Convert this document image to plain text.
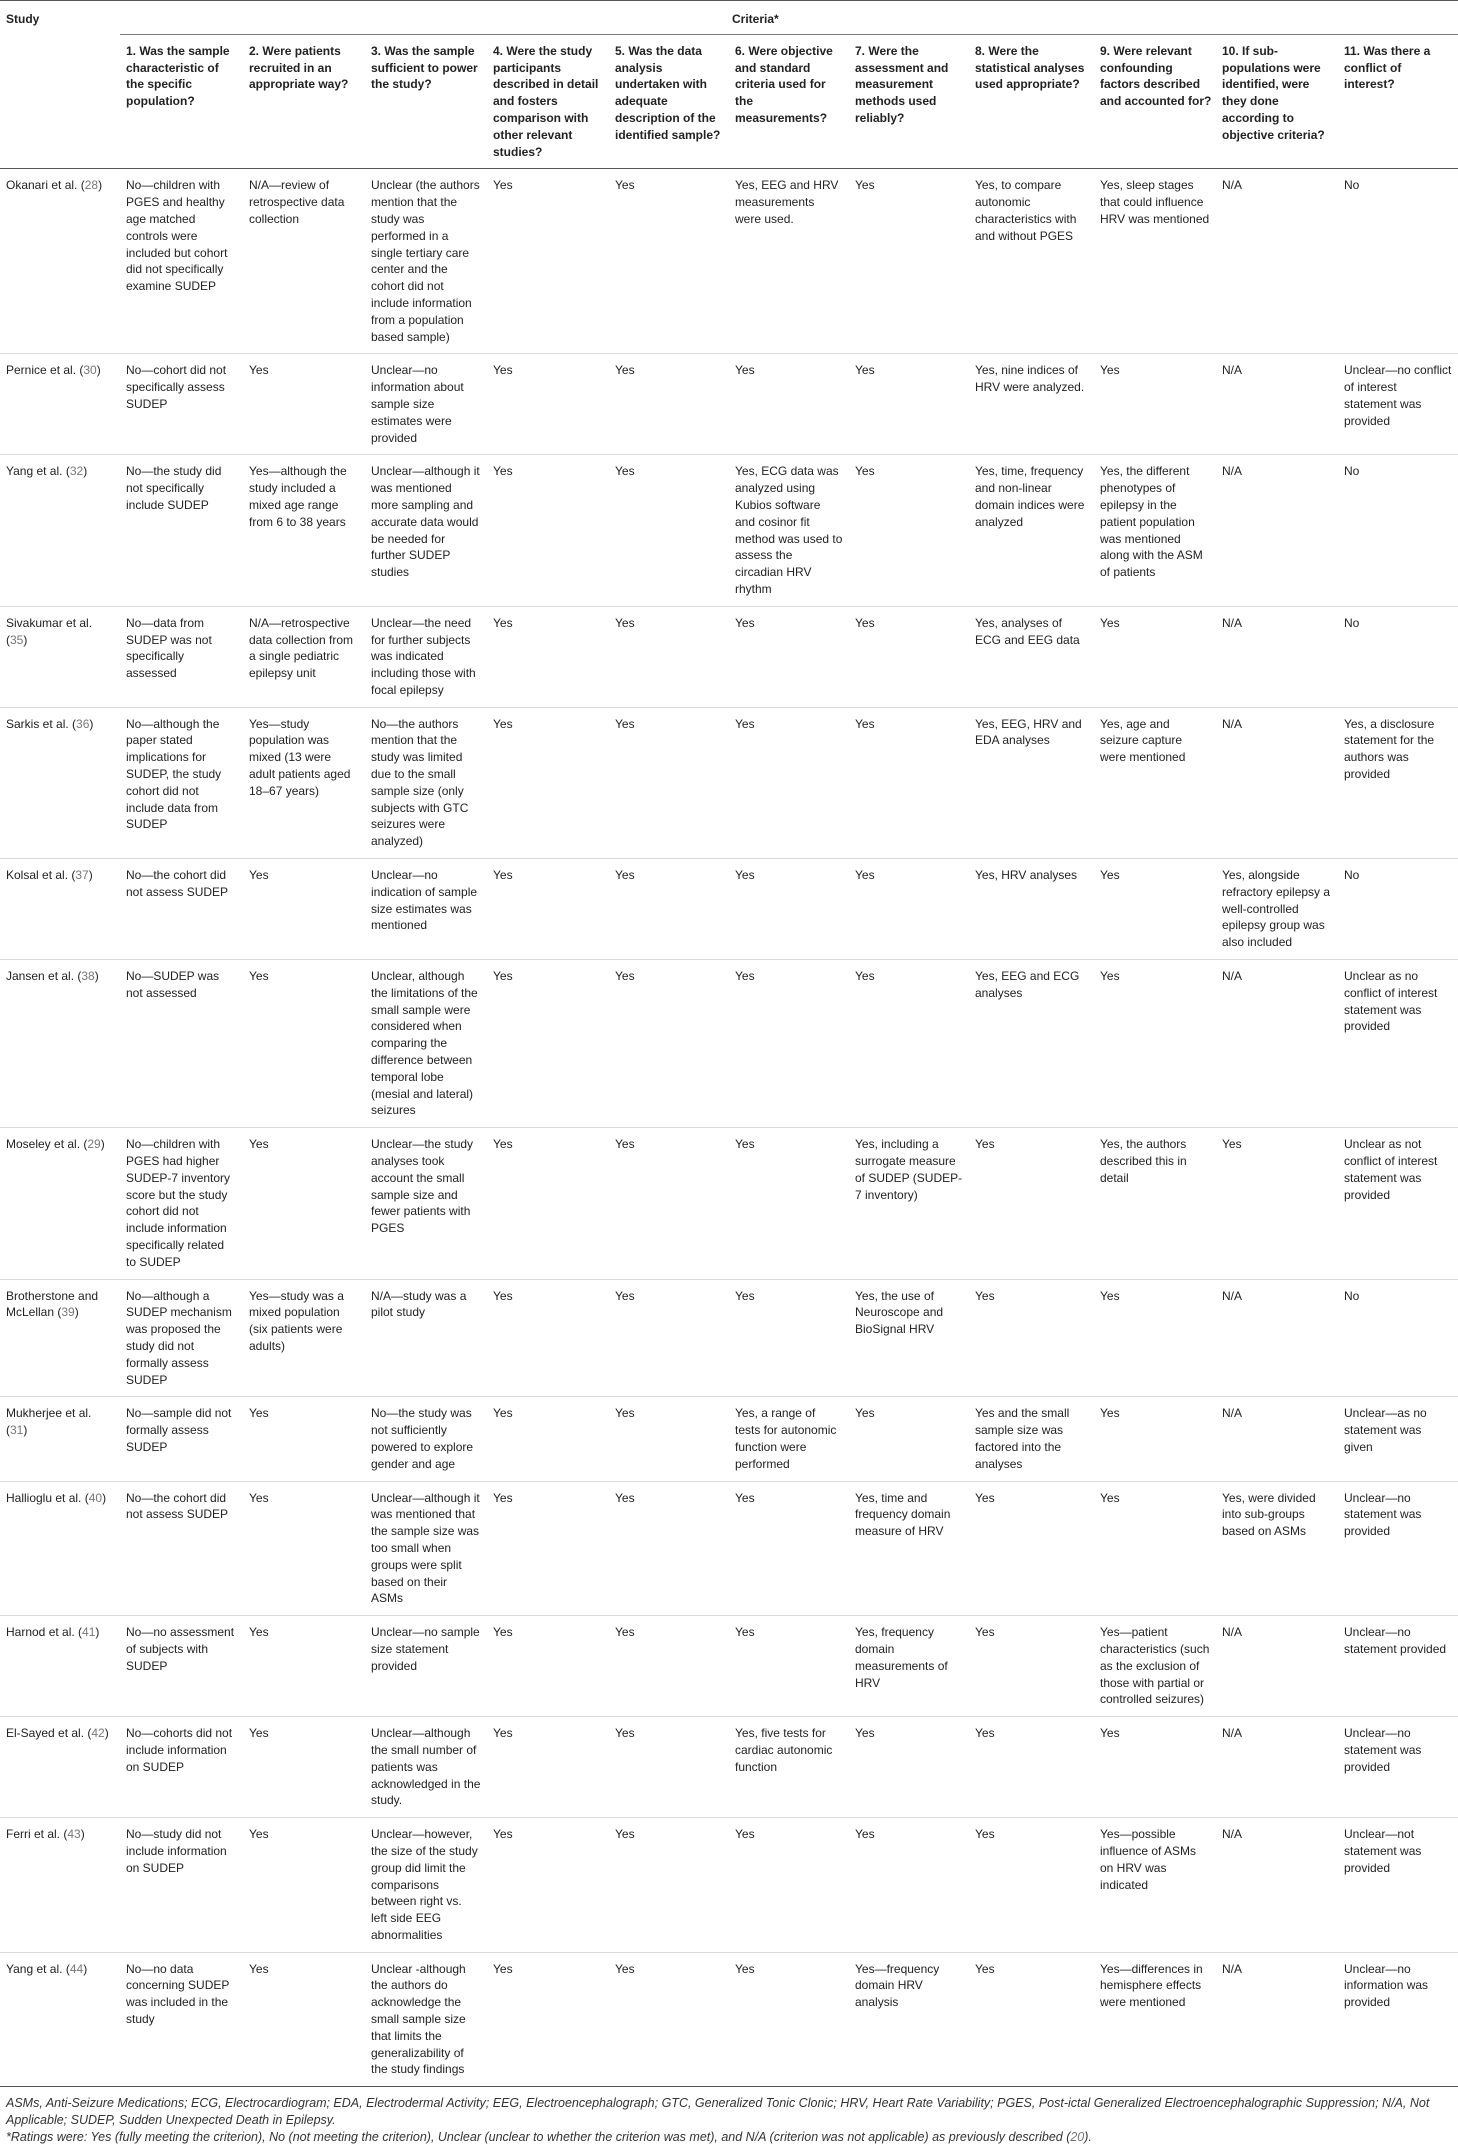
Study	Criteria*										
	1. Was the sample characteristic of the specific population?	2. Were patients recruited in an appropriate way?	3. Was the sample sufficient to power the study?	4. Were the study participants described in detail and fosters comparison with other relevant studies?	5. Was the data analysis undertaken with adequate description of the identified sample?	6. Were objective and standard criteria used for the measurements?	7. Were the assessment and measurement methods used reliably?	8. Were the statistical analyses used appropriate?	9. Were relevant confounding factors described and accounted for?	10. If sub-populations were identified, were they done according to objective criteria?	11. Was there a conflict of interest?
Okanari et al. (28)	No—children with PGES and healthy age matched controls were included but cohort did not specifically examine SUDEP	N/A—review of retrospective data collection	Unclear (the authors mention that the study was performed in a single tertiary care center and the cohort did not include information from a population based sample)	Yes	Yes	Yes, EEG and HRV measurements were used.	Yes	Yes, to compare autonomic characteristics with and without PGES	Yes, sleep stages that could influence HRV was mentioned	N/A	No
Pernice et al. (30)	No—cohort did not specifically assess SUDEP	Yes	Unclear—no information about sample size estimates were provided	Yes	Yes	Yes	Yes	Yes, nine indices of HRV were analyzed.	Yes	N/A	Unclear—no conflict of interest statement was provided
Yang et al. (32)	No—the study did not specifically include SUDEP	Yes—although the study included a mixed age range from 6 to 38 years	Unclear—although it was mentioned more sampling and accurate data would be needed for further SUDEP studies	Yes	Yes	Yes, ECG data was analyzed using Kubios software and cosinor fit method was used to assess the circadian HRV rhythm	Yes	Yes, time, frequency and non-linear domain indices were analyzed	Yes, the different phenotypes of epilepsy in the patient population was mentioned along with the ASM of patients	N/A	No
Sivakumar et al. (35)	No—data from SUDEP was not specifically assessed	N/A—retrospective data collection from a single pediatric epilepsy unit	Unclear—the need for further subjects was indicated including those with focal epilepsy	Yes	Yes	Yes	Yes	Yes, analyses of ECG and EEG data	Yes	N/A	No
Sarkis et al. (36)	No—although the paper stated implications for SUDEP, the study cohort did not include data from SUDEP	Yes—study population was mixed (13 were adult patients aged 18–67 years)	No—the authors mention that the study was limited due to the small sample size (only subjects with GTC seizures were analyzed)	Yes	Yes	Yes	Yes	Yes, EEG, HRV and EDA analyses	Yes, age and seizure capture were mentioned	N/A	Yes, a disclosure statement for the authors was provided
Kolsal et al. (37)	No—the cohort did not assess SUDEP	Yes	Unclear—no indication of sample size estimates was mentioned	Yes	Yes	Yes	Yes	Yes, HRV analyses	Yes	Yes, alongside refractory epilepsy a well-controlled epilepsy group was also included	No
Jansen et al. (38)	No—SUDEP was not assessed	Yes	Unclear, although the limitations of the small sample were considered when comparing the difference between temporal lobe (mesial and lateral) seizures	Yes	Yes	Yes	Yes	Yes, EEG and ECG analyses	Yes	N/A	Unclear as no conflict of interest statement was provided
Moseley et al. (29)	No—children with PGES had higher SUDEP-7 inventory score but the study cohort did not include information specifically related to SUDEP	Yes	Unclear—the study analyses took account the small sample size and fewer patients with PGES	Yes	Yes	Yes	Yes, including a surrogate measure of SUDEP (SUDEP-7 inventory)	Yes	Yes, the authors described this in detail	Yes	Unclear as not conflict of interest statement was provided
Brotherstone and McLellan (39)	No—although a SUDEP mechanism was proposed the study did not formally assess SUDEP	Yes—study was a mixed population (six patients were adults)	N/A—study was a pilot study	Yes	Yes	Yes	Yes, the use of Neuroscope and BioSignal HRV	Yes	Yes	N/A	No
Mukherjee et al. (31)	No—sample did not formally assess SUDEP	Yes	No—the study was not sufficiently powered to explore gender and age	Yes	Yes	Yes, a range of tests for autonomic function were performed	Yes	Yes and the small sample size was factored into the analyses	Yes	N/A	Unclear—as no statement was given
Hallioglu et al. (40)	No—the cohort did not assess SUDEP	Yes	Unclear—although it was mentioned that the sample size was too small when groups were split based on their ASMs	Yes	Yes	Yes	Yes, time and frequency domain measure of HRV	Yes	Yes	Yes, were divided into sub-groups based on ASMs	Unclear—no statement was provided
Harnod et al. (41)	No—no assessment of subjects with SUDEP	Yes	Unclear—no sample size statement provided	Yes	Yes	Yes	Yes, frequency domain measurements of HRV	Yes	Yes—patient characteristics (such as the exclusion of those with partial or controlled seizures)	N/A	Unclear—no statement provided
El-Sayed et al. (42)	No—cohorts did not include information on SUDEP	Yes	Unclear—although the small number of patients was acknowledged in the study.	Yes	Yes	Yes, five tests for cardiac autonomic function	Yes	Yes	Yes	N/A	Unclear—no statement was provided
Ferri et al. (43)	No—study did not include information on SUDEP	Yes	Unclear—however, the size of the study group did limit the comparisons between right vs. left side EEG abnormalities	Yes	Yes	Yes	Yes	Yes	Yes—possible influence of ASMs on HRV was indicated	N/A	Unclear—not statement was provided
Yang et al. (44)	No—no data concerning SUDEP was included in the study	Yes	Unclear -although the authors do acknowledge the small sample size that limits the generalizability of the study findings	Yes	Yes	Yes	Yes—frequency domain HRV analysis	Yes	Yes—differences in hemisphere effects were mentioned	N/A	Unclear—no information was provided

ASMs, Anti-Seizure Medications; ECG, Electrocardiogram; EDA, Electrodermal Activity; EEG, Electroencephalograph; GTC, Generalized Tonic Clonic; HRV, Heart Rate Variability; PGES, Post-ictal Generalized Electroencephalographic Suppression; N/A, Not Applicable; SUDEP, Sudden Unexpected Death in Epilepsy.

*Ratings were: Yes (fully meeting the criterion), No (not meeting the criterion), Unclear (unclear to whether the criterion was met), and N/A (criterion was not applicable) as previously described (20).
